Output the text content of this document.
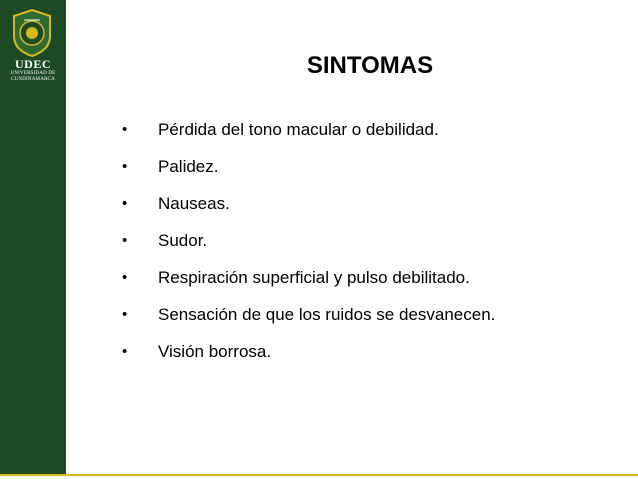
UDEC
UNIVERSIDAD DE
CUNDINAMARCA
SINTOMAS
• Pérdida del tono macular o debilidad.
• Palidez.
• Nauseas.
• Sudor.
• Respiración superficial y pulso debilitado.
• Sensación de que los ruidos se desvanecen.
• Visión borrosa.
